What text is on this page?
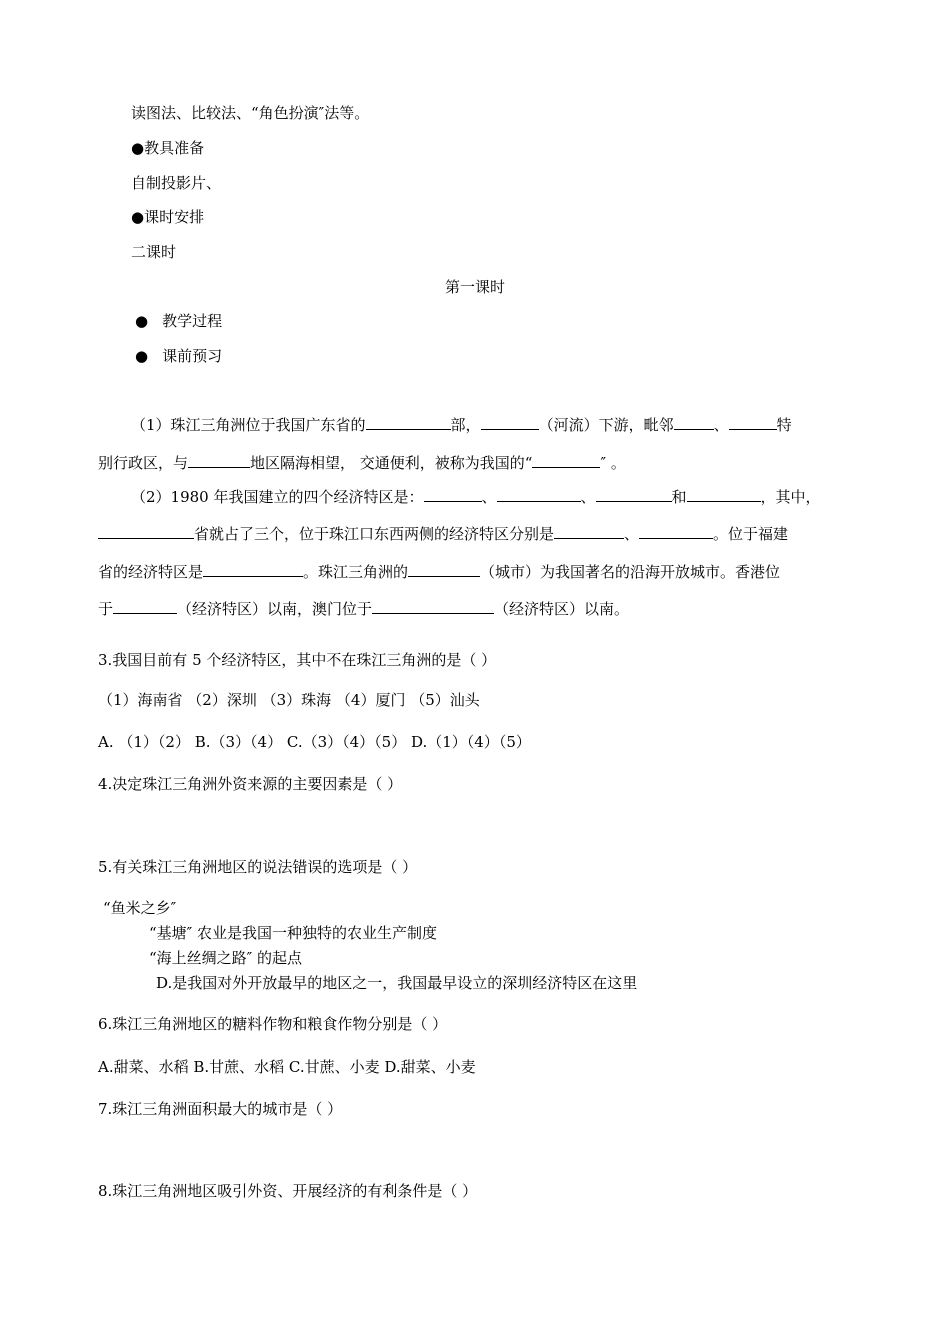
读图法、比较法、“角色扮演″法等。
●教具准备
自制投影片、
●课时安排
二课时
第一课时
● 教学过程
● 课前预习
（1）珠江三角洲位于我国广东省的	部，	（河流）下游，毗邻	、	特
别行政区，与	地区隔海相望， 交通便利，被称为我国的“	″ 。
（2）1980 年我国建立的四个经济特区是：	、	、	和	，其中，
省就占了三个，位于珠江口东西两侧的经济特区分别是	、	。位于福建
省的经济特区是	。珠江三角洲的	（城市）为我国著名的沿海开放城市。香港位
于	（经济特区）以南，澳门位于	（经济特区）以南。
3.我国目前有 5 个经济特区，其中不在珠江三角洲的是（ ）
（1）海南省 （2）深圳 （3）珠海 （4）厦门 （5）汕头
A. （1）（2） B.（3）（4） C.（3）（4）（5） D.（1）（4）（5）
4.决定珠江三角洲外资来源的主要因素是（ ）
5.有关珠江三角洲地区的说法错误的选项是（ ）
“鱼米之乡″
“基塘″ 农业是我国一种独特的农业生产制度
“海上丝绸之路″ 的起点
D.是我国对外开放最早的地区之一，我国最早设立的深圳经济特区在这里
6.珠江三角洲地区的糖料作物和粮食作物分别是（ ）
A.甜菜、水稻 B.甘蔗、水稻 C.甘蔗、小麦 D.甜菜、小麦
7.珠江三角洲面积最大的城市是（ ）
8.珠江三角洲地区吸引外资、开展经济的有利条件是（ ）
